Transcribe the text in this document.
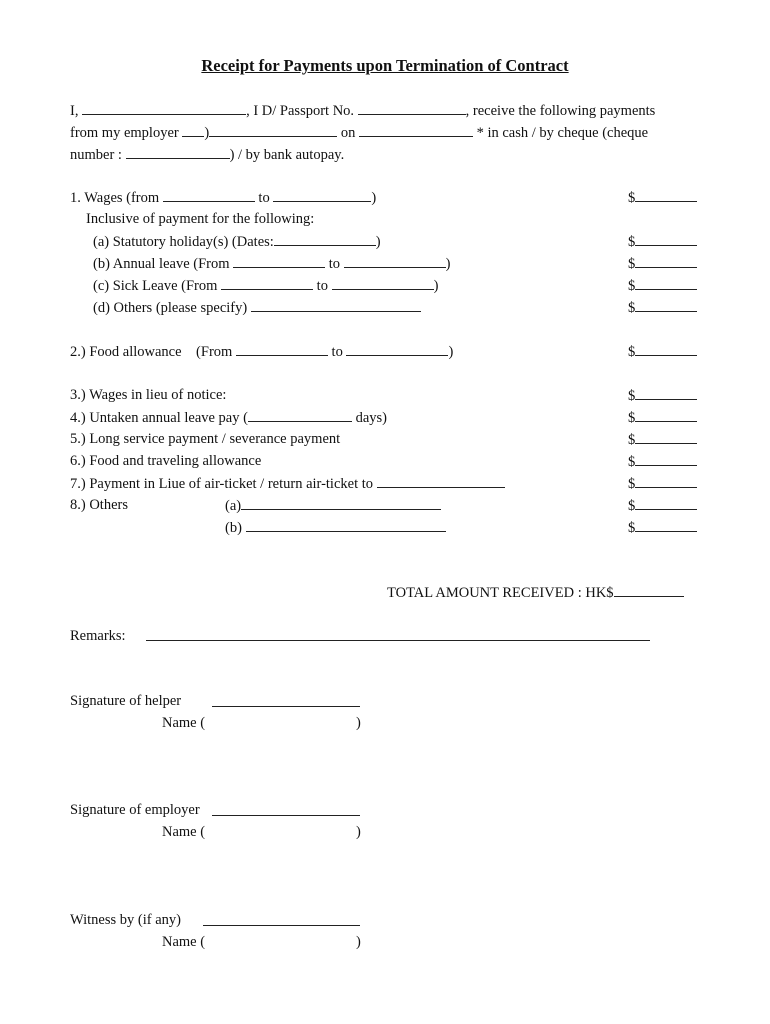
Receipt for Payments upon Termination of Contract
I,	, I D/ Passport No.	, receive the following payments
from my employer )	on	* in cash / by cheque (cheque
number :	) / by bank autopay.
1. Wages (from	to	)	$
Inclusive of payment for the following:
(a) Statutory holiday(s) (Dates:	)	$
(b) Annual leave (From	to	)	$
(c) Sick Leave (From	to	)	$
(d) Others (please specify)	$
2.) Food allowance (From	to	)	$
3.) Wages in lieu of notice:	$
4.) Untaken annual leave pay (	days)	$
5.) Long service payment / severance payment	$
6.) Food and traveling allowance	$
7.) Payment in Liue of air-ticket / return air-ticket to	$
8.) Others	(a)	$
(b)	$
TOTAL AMOUNT RECEIVED : HK$
Remarks:
Signature of helper
Name (	)
Signature of employer
Name (	)
Witness by (if any)
Name (	)
